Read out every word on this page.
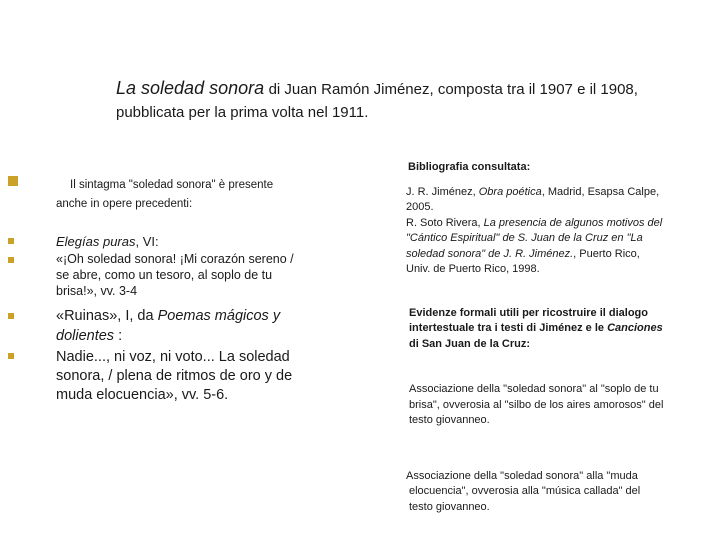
La soledad sonora di Juan Ramón Jiménez, composta tra il 1907 e il 1908,
pubblicata per la prima volta nel 1911.
Il sintagma "soledad sonora" è presente
anche in opere precedenti:
Elegías puras, VI:
«¡Oh soledad sonora! ¡Mi corazón sereno / se abre, como un tesoro, al soplo de tu brisa!», vv. 3-4
«Ruinas», I, da Poemas mágicos y dolientes :
Nadie..., ni voz, ni voto... La soledad sonora, / plena de ritmos de oro y de muda elocuencia», vv. 5-6.
Bibliografia consultata:

J. R. Jiménez, Obra poética, Madrid, Esapsa Calpe, 2005.

R. Soto Rivera, La presencia de algunos motivos del "Cántico Espiritual" de S. Juan de la Cruz en "La soledad sonora" de J. R. Jiménez., Puerto Rico, Univ. de Puerto Rico, 1998.

Evidenze formali utili per ricostruire il dialogo intertestuale tra i testi di Jiménez e le Canciones di San Juan de la Cruz:
Associazione della "soledad sonora" al "soplo de tu brisa", ovverosia al "silbo de los aires amorosos" del testo giovanneo.
Associazione della "soledad sonora" alla "muda
elocuencia", ovverosia alla "música callada" del testo giovanneo.
